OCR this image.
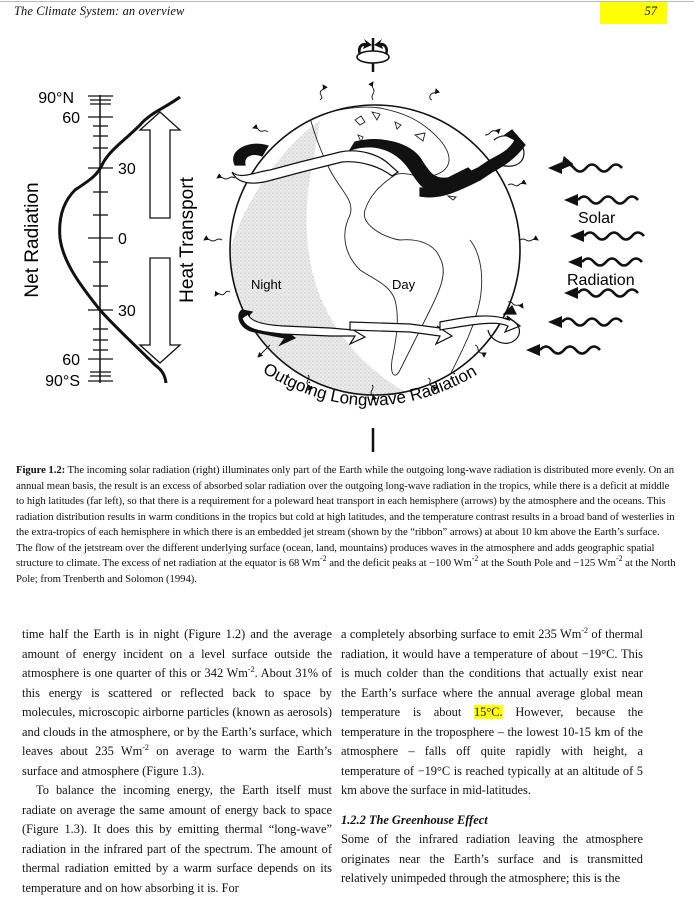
The Climate System: an overview	57
90°N
60
30
0
30
60
90°S
Net Radiation	Heat Transport	Night	Day
Solar
Radiation
Outgoing Longwave Radiation
Figure 1.2: The incoming solar radiation (right) illuminates only part of the Earth while the outgoing long-wave radiation is distributed more evenly. On an annual mean basis, the result is an excess of absorbed solar radiation over the outgoing long-wave radiation in the tropics, while there is a deficit at middle to high latitudes (far left), so that there is a requirement for a poleward heat transport in each hemisphere (arrows) by the atmosphere and the oceans. This radiation distribution results in warm conditions in the tropics but cold at high latitudes, and the temperature contrast results in a broad band of westerlies in the extra-tropics of each hemisphere in which there is an embedded jet stream (shown by the “ribbon” arrows) at about 10 km above the Earth’s surface. The flow of the jetstream over the different underlying surface (ocean, land, mountains) produces waves in the atmosphere and adds geographic spatial structure to climate. The excess of net radiation at the equator is 68 $Wm^{-2}$ and the deficit peaks at −100 $Wm^{-2}$ at the South Pole and −125 $Wm^{-2}$ at the North Pole; from Trenberth and Solomon (1994).

time half the Earth is in night (Figure 1.2) and the average amount of energy incident on a level surface outside the atmosphere is one quarter of this or 342 $Wm^{-2}$. About 31% of this energy is scattered or reflected back to space by molecules, microscopic airborne particles (known as aerosols) and clouds in the atmosphere, or by the Earth’s surface, which leaves about 235 $Wm^{-2}$ on average to warm the Earth’s surface and atmosphere (Figure 1.3).

To balance the incoming energy, the Earth itself must radiate on average the same amount of energy back to space (Figure 1.3). It does this by emitting thermal “long-wave” radiation in the infrared part of the spectrum. The amount of thermal radiation emitted by a warm surface depends on its temperature and on how absorbing it is. For

a completely absorbing surface to emit 235 $Wm^{-2}$ of thermal radiation, it would have a temperature of about −19°C. This is much colder than the conditions that actually exist near the Earth’s surface where the annual average global mean temperature is about 15°C. However, because the temperature in the troposphere – the lowest 10-15 km of the atmosphere – falls off quite rapidly with height, a temperature of −19°C is reached typically at an altitude of 5 km above the surface in mid-latitudes.

1.2.2 The Greenhouse Effect

Some of the infrared radiation leaving the atmosphere originates near the Earth’s surface and is transmitted relatively unimpeded through the atmosphere; this is the
